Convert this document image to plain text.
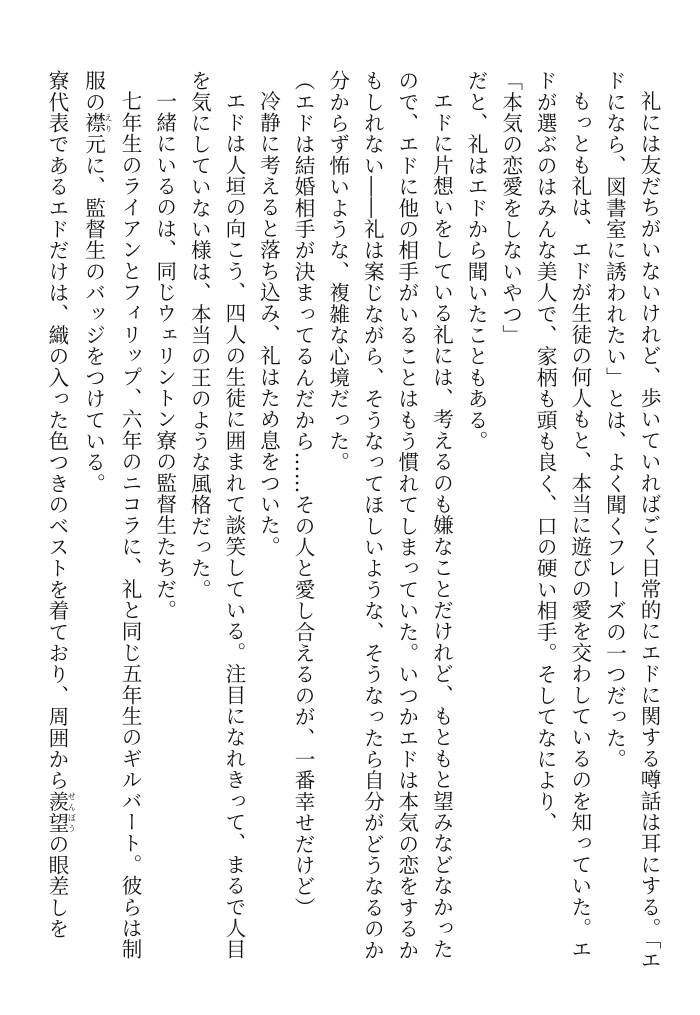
礼には友だちがいないけれど、歩いていればごく日常的にエドに関する噂話は耳にする。「エ
ドになら、図書室に誘われたい」とは、よく聞くフレーズの一つだった。
もっとも礼は、エドが生徒の何人もと、本当に遊びの愛を交わしているのを知っていた。エ
ドが選ぶのはみんな美人で、家柄も頭も良く、口の硬い相手。そしてなにより、
「本気の恋愛をしないやつ」
だと、礼はエドから聞いたこともある。
エドに片想いをしている礼には、考えるのも嫌なことだけれど、もともと望みなどなかった
ので、エドに他の相手がいることはもう慣れてしまっていた。いつかエドは本気の恋をするか
もしれない――礼は案じながら、そうなってほしいような、そうなったら自分がどうなるのか
分からず怖いような、複雑な心境だった。
（エドは結婚相手が決まってるんだから……その人と愛し合えるのが、一番幸せだけど）
冷静に考えると落ち込み、礼はため息をついた。
エドは人垣の向こう、四人の生徒に囲まれて談笑している。注目になれきって、まるで人目
を気にしていない様は、本当の王のような風格だった。
一緒にいるのは、同じウェリントン寮の監督生たちだ。
七年生のライアンとフィリップ、六年のニコラに、礼と同じ五年生のギルバート。彼らは制
服の襟えり元に、監督生のバッジをつけている。
寮代表であるエドだけは、織の入った色つきのベストを着ており、周囲から羨望せんぼうの眼差しを
